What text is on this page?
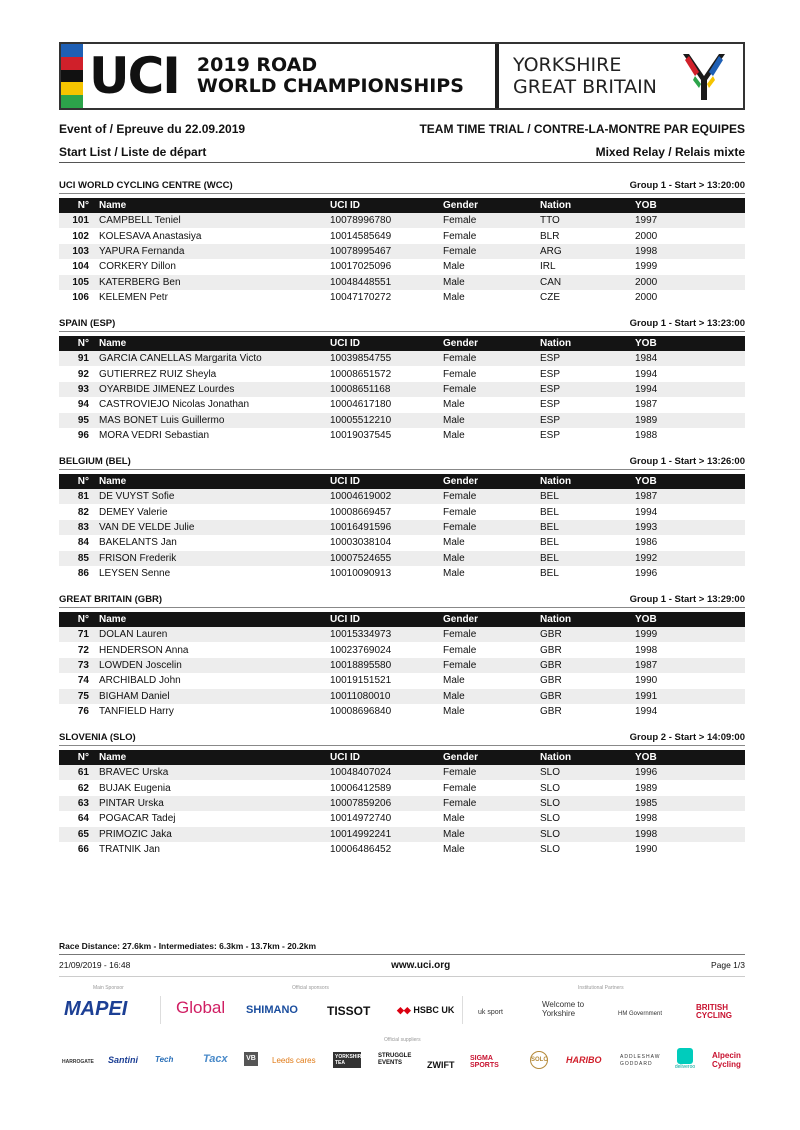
UCI 2019 ROAD
WORLD CHAMPIONSHIPS
YORKSHIRE
GREAT BRITAIN
Event of / Epreuve du 22.09.2019	TEAM TIME TRIAL / CONTRE-LA-MONTRE PAR EQUIPES
Start List / Liste de départ	Mixed Relay / Relais mixte
UCI WORLD CYCLING CENTRE (WCC)	Group 1 - Start > 13:20:00
N°	Name	UCI ID	Gender	Nation	YOB
101	CAMPBELL Teniel	10078996780	Female	TTO	1997
102	KOLESAVA Anastasiya	10014585649	Female	BLR	2000
103	YAPURA Fernanda	10078995467	Female	ARG	1998
104	CORKERY Dillon	10017025096	Male	IRL	1999
105	KATERBERG Ben	10048448551	Male	CAN	2000
106	KELEMEN Petr	10047170272	Male	CZE	2000
SPAIN (ESP)	Group 1 - Start > 13:23:00
N°	Name	UCI ID	Gender	Nation	YOB
91	GARCIA CANELLAS Margarita Victo	10039854755	Female	ESP	1984
92	GUTIERREZ RUIZ Sheyla	10008651572	Female	ESP	1994
93	OYARBIDE JIMENEZ Lourdes	10008651168	Female	ESP	1994
94	CASTROVIEJO Nicolas Jonathan	10004617180	Male	ESP	1987
95	MAS BONET Luis Guillermo	10005512210	Male	ESP	1989
96	MORA VEDRI Sebastian	10019037545	Male	ESP	1988
BELGIUM (BEL)	Group 1 - Start > 13:26:00
N°	Name	UCI ID	Gender	Nation	YOB
81	DE VUYST Sofie	10004619002	Female	BEL	1987
82	DEMEY Valerie	10008669457	Female	BEL	1994
83	VAN DE VELDE Julie	10016491596	Female	BEL	1993
84	BAKELANTS Jan	10003038104	Male	BEL	1986
85	FRISON Frederik	10007524655	Male	BEL	1992
86	LEYSEN Senne	10010090913	Male	BEL	1996
GREAT BRITAIN (GBR)	Group 1 - Start > 13:29:00
N°	Name	UCI ID	Gender	Nation	YOB
71	DOLAN Lauren	10015334973	Female	GBR	1999
72	HENDERSON Anna	10023769024	Female	GBR	1998
73	LOWDEN Joscelin	10018895580	Female	GBR	1987
74	ARCHIBALD John	10019151521	Male	GBR	1990
75	BIGHAM Daniel	10011080010	Male	GBR	1991
76	TANFIELD Harry	10008696840	Male	GBR	1994
SLOVENIA (SLO)	Group 2 - Start > 14:09:00
N°	Name	UCI ID	Gender	Nation	YOB
61	BRAVEC Urska	10048407024	Female	SLO	1996
62	BUJAK Eugenia	10006412589	Female	SLO	1989
63	PINTAR Urska	10007859206	Female	SLO	1985
64	POGACAR Tadej	10014972740	Male	SLO	1998
65	PRIMOZIC Jaka	10014992241	Male	SLO	1998
66	TRATNIK Jan	10006486452	Male	SLO	1990
Race Distance: 27.6km - Intermediates: 6.3km - 13.7km - 20.2km
21/09/2019 - 16:48	www.uci.org	Page 1/3
Main Sponsor	Official sponsors	Institutional Partners
Official suppliers
MAPEI	Global SHIMANO TISSOT	◆◆ HSBC UK	uk sport
Welcome to Yorkshire	HM Government
BRITISH CYCLING
HARROGATE Santini Tech	Tacx	VB Leeds cares	YORKSHIRE TEA
STRUGGLE EVENTS	ZWIFT
SIGMA SPORTS
SOLO HARIBO	ADDLESHAW GODDARD	deliveroo
Alpecin Cycling
